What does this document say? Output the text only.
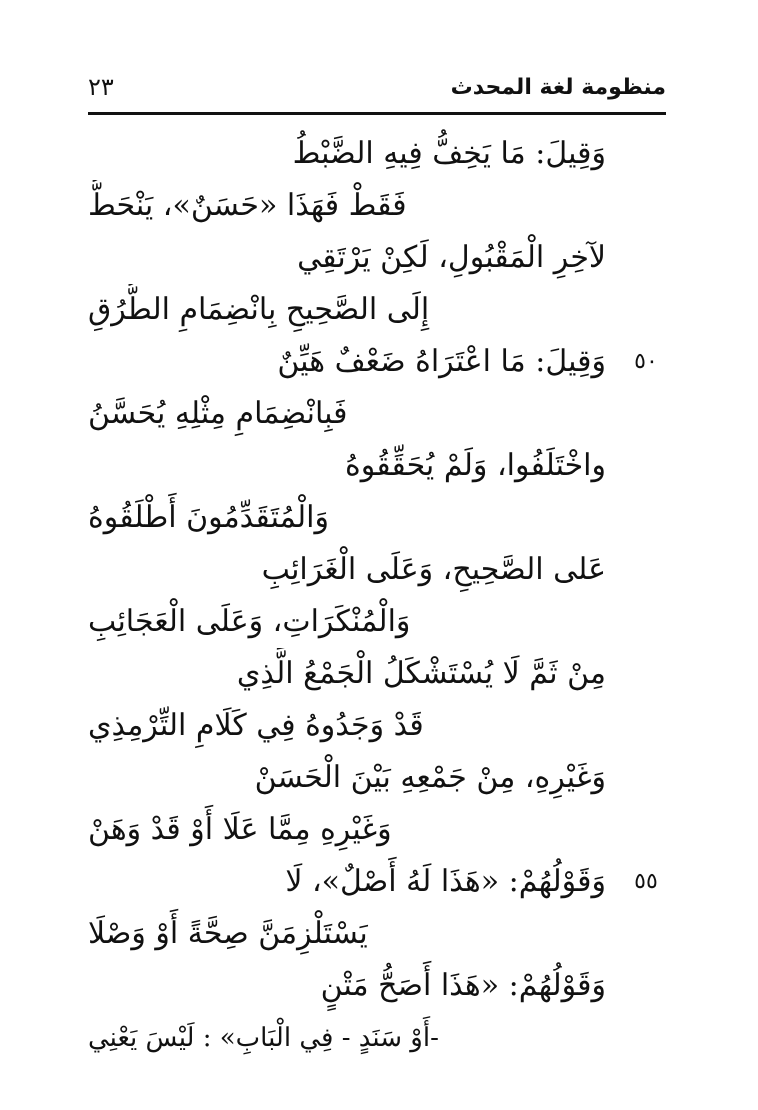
منظومة لغة المحدث
٢٣
وَقِيلَ: مَا يَخِفُّ فِيهِ الضَّبْطُ
فَقَطْ فَهَذَا «حَسَنٌ»، يَنْحَطُّ
لآخِرِ الْمَقْبُولِ، لَكِنْ يَرْتَقِي
إِلَى الصَّحِيحِ بِانْضِمَامِ الطُّرُقِ
٥٠
وَقِيلَ: مَا اعْتَرَاهُ ضَعْفٌ هَيِّنٌ
فَبِانْضِمَامِ مِثْلِهِ يُحَسَّنُ
واخْتَلَفُوا، وَلَمْ يُحَقِّقُوهُ
وَالْمُتَقَدِّمُونَ أَطْلَقُوهُ
عَلى الصَّحِيحِ، وَعَلَى الْغَرَائِبِ
وَالْمُنْكَرَاتِ، وَعَلَى الْعَجَائِبِ
مِنْ ثَمَّ لَا يُسْتَشْكَلُ الْجَمْعُ الَّذِي
قَدْ وَجَدُوهُ فِي كَلَامِ التِّرْمِذِي
وَغَيْرِهِ، مِنْ جَمْعِهِ بَيْنَ الْحَسَنْ
وَغَيْرِهِ مِمَّا عَلَا أَوْ قَدْ وَهَنْ
٥٥
وَقَوْلُهُمْ: «هَذَا لَهُ أَصْلٌ»، لَا
يَسْتَلْزِمَنَّ صِحَّةً أَوْ وَصْلَا
وَقَوْلُهُمْ: «هَذَا أَصَحُّ مَتْنٍ
-أَوْ سَنَدٍ - فِي الْبَابِ» : لَيْسَ يَعْنِي
